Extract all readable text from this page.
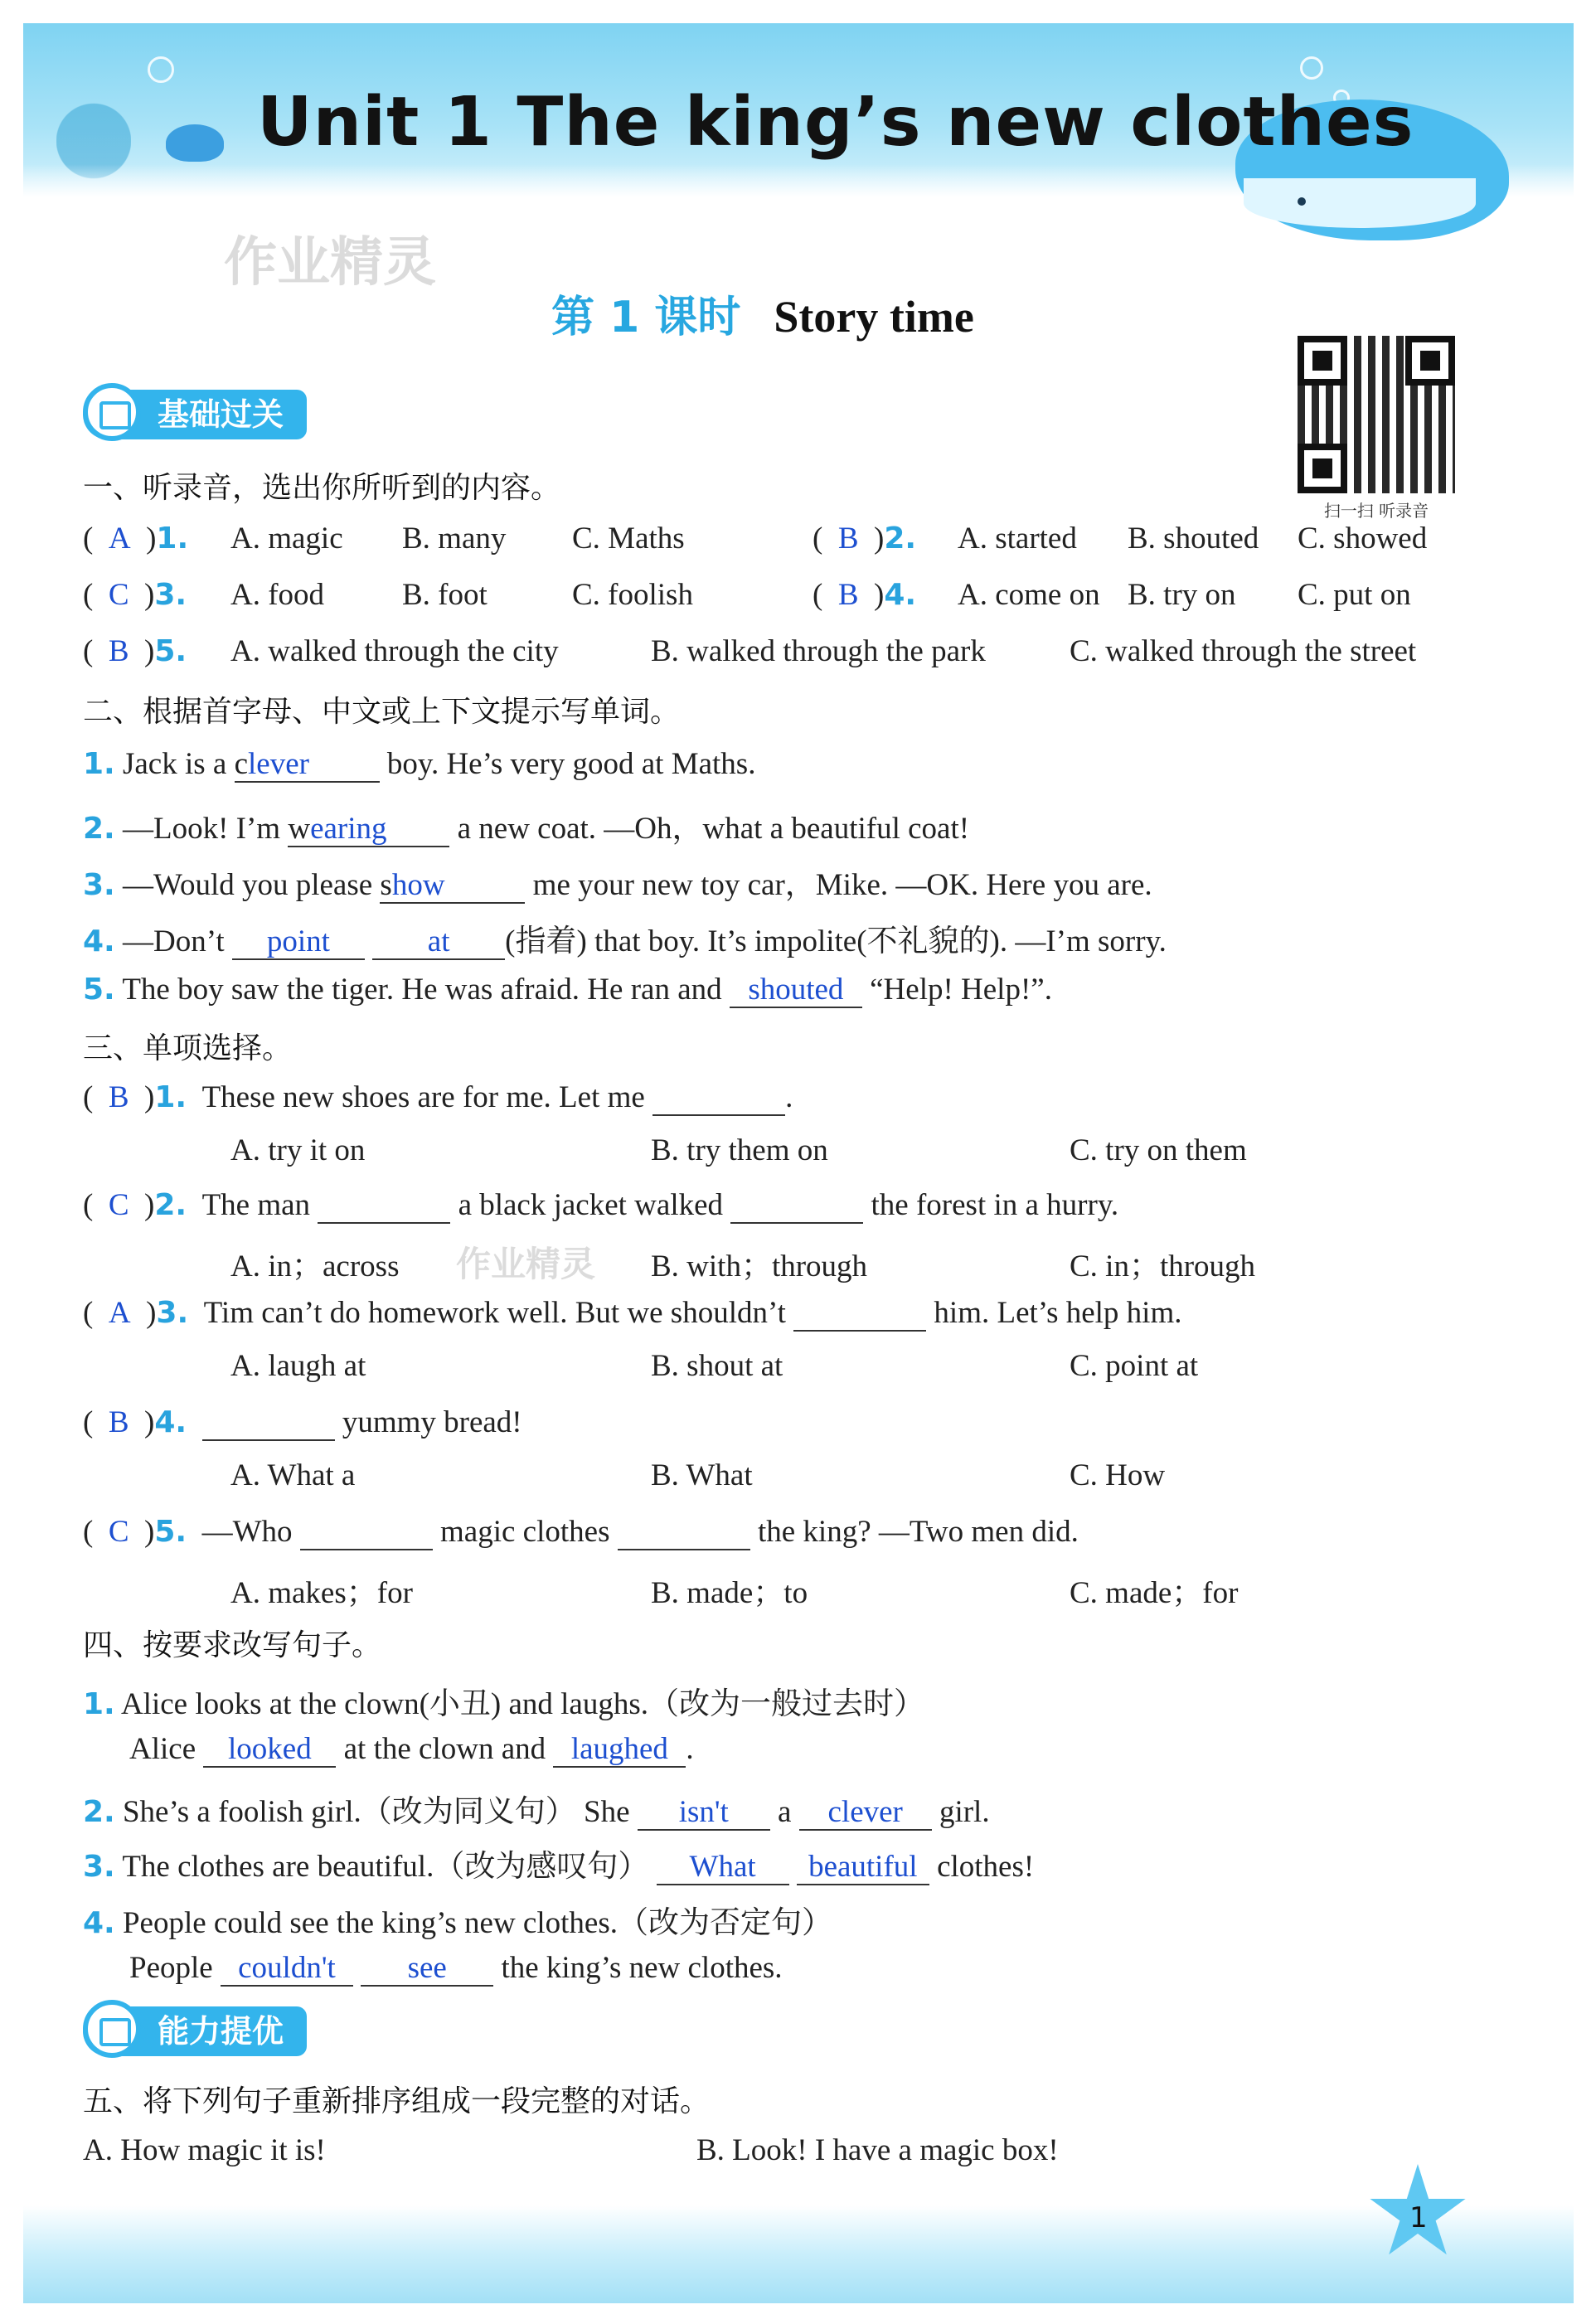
Unit 1 The king’s new clothes
作业精灵
第 1 课时 Story time
扫一扫 听录音
基础过关
一、听录音，选出你所听到的内容。
( A )1. A. magic B. many C. Maths	( B )2. A. started B. shouted C. showed
( C )3. A. food	B. foot	C. foolish	( B )4. A. come on B. try on C. put on
( B )5. A. walked through the city	B. walked through the park	C. walked through the street
二、根据首字母、中文或上下文提示写单词。
1. Jack is a clever boy. He’s very good at Maths.
2. —Look! I’m wearing a new coat. —Oh，what a beautiful coat!
3. —Would you please show	me your new toy car，Mike. —OK. Here you are.
4. —Don’t point	at (指着) that boy. It’s impolite(不礼貌的). —I’m sorry.
5. The boy saw the tiger. He was afraid. He ran and shouted “Help! Help!”.
三、单项选择。
( B )1. These new shoes are for me. Let me	.
A. try it on	B. try them on	C. try on them
( C )2. The man	a black jacket walked	the forest in a hurry.
A. in；across 作业精灵 B. with；through	C. in；through
( A )3. Tim can’t do homework well. But we shouldn’t	him. Let’s help him.
A. laugh at	B. shout at	C. point at
( B )4.	yummy bread!
A. What a	B. What	C. How
( C )5. —Who	magic clothes	the king? —Two men did.
A. makes；for	B. made；to	C. made；for
四、按要求改写句子。
1. Alice looks at the clown(小丑) and laughs.（改为一般过去时）
Alice looked at the clown and laughed .
2. She’s a foolish girl.（改为同义句） She isn't a clever girl.
3. The clothes are beautiful.（改为感叹句） What beautiful clothes!
4. People could see the king’s new clothes.（改为否定句）
People couldn't see the king’s new clothes.
能力提优
五、将下列句子重新排序组成一段完整的对话。
A. How magic it is!	B. Look! I have a magic box!
1
